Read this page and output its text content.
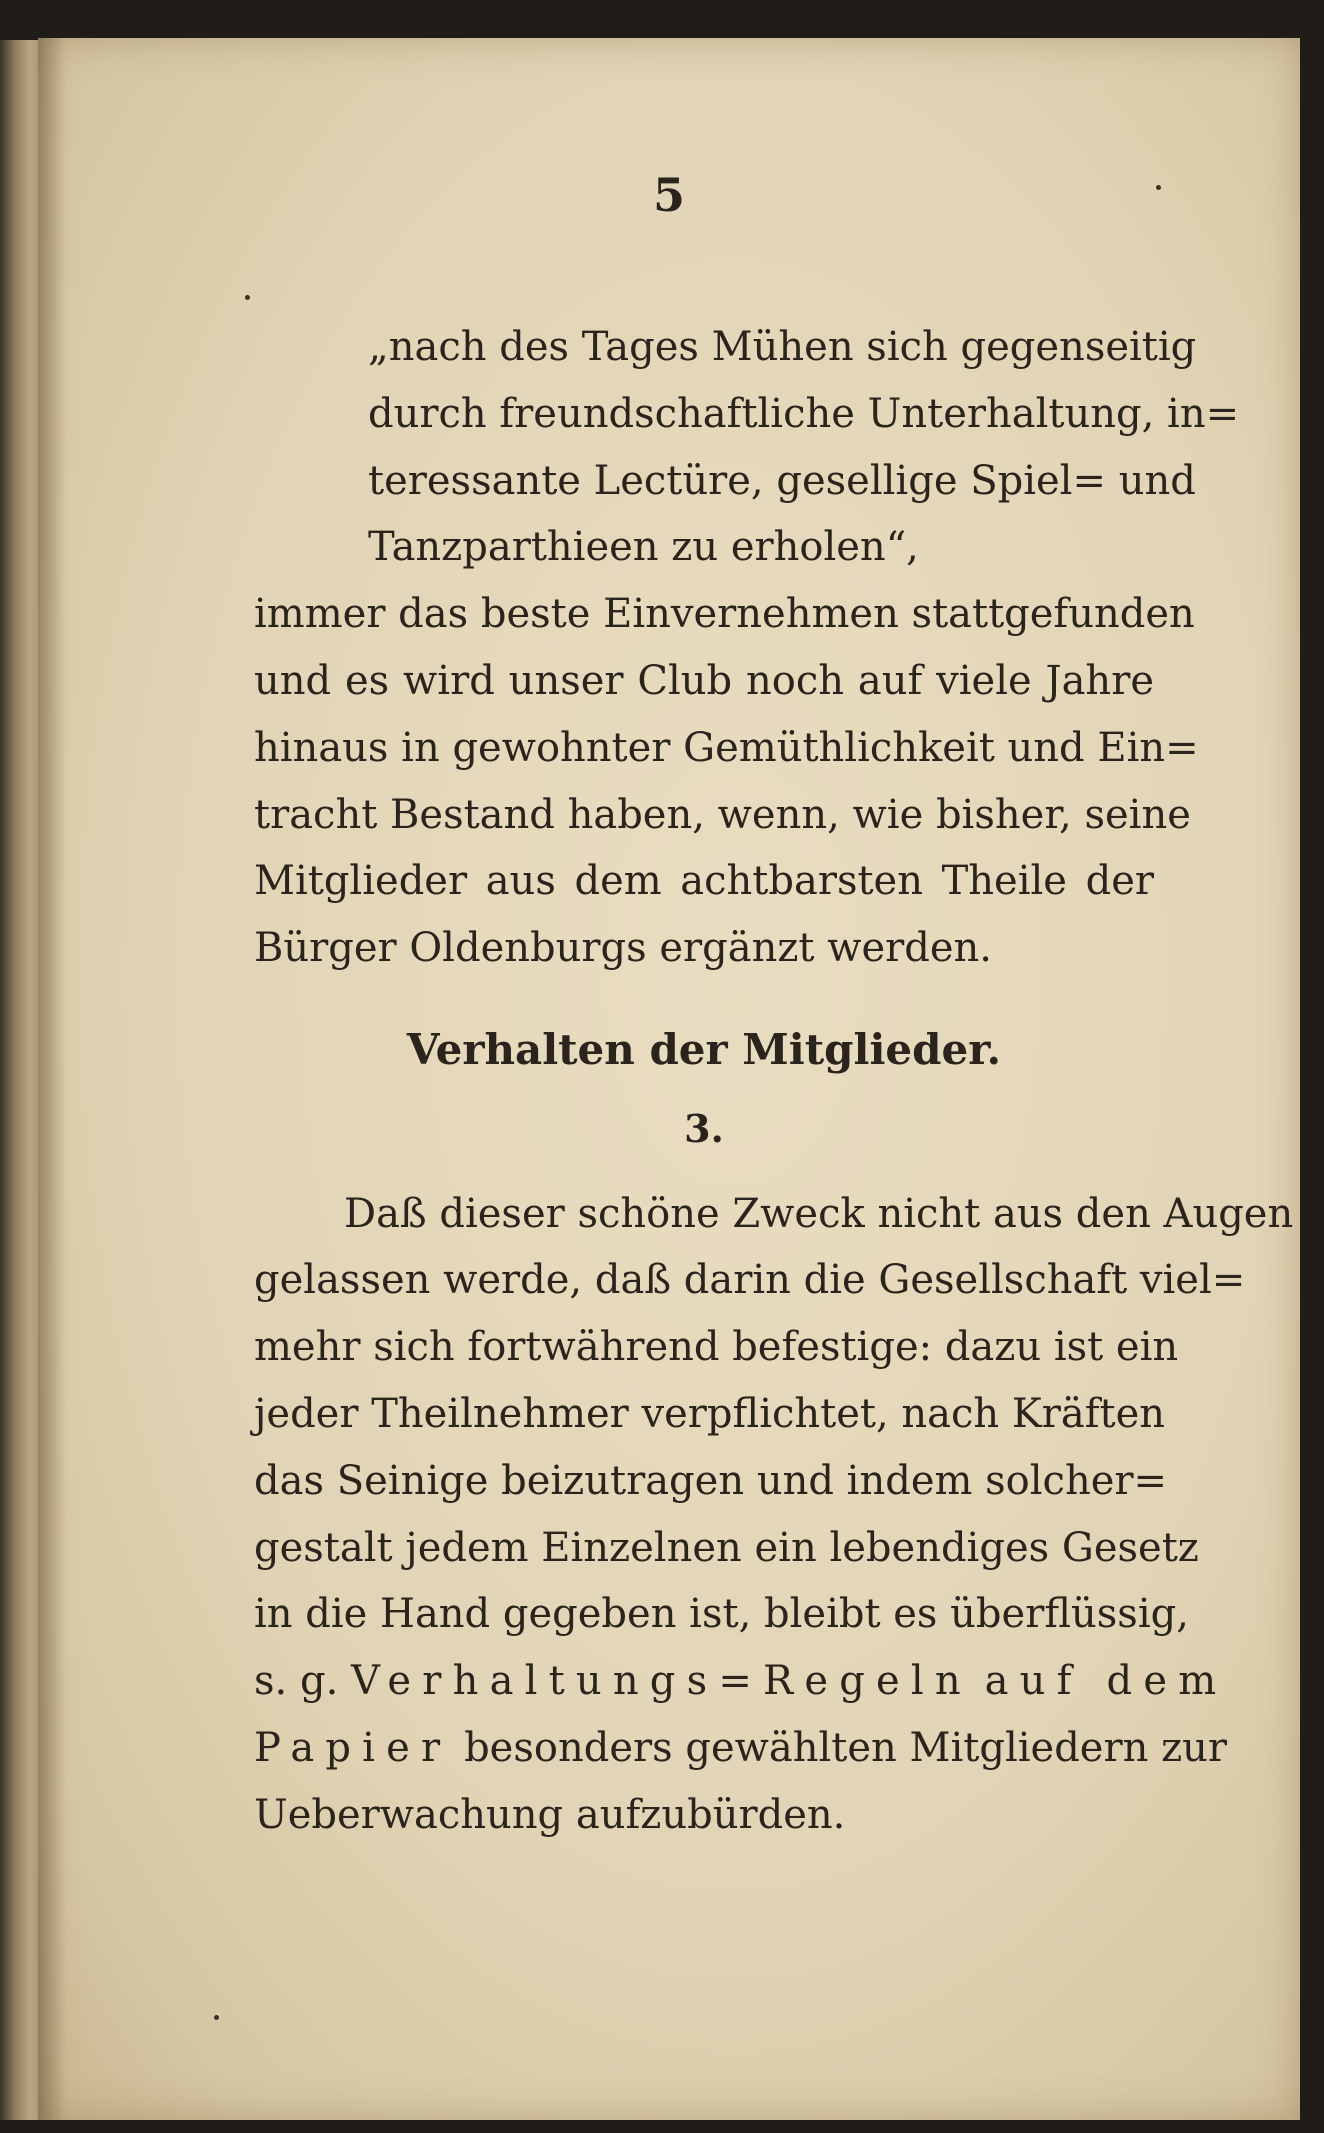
5
„nach des Tages Mühen sich gegenseitig
durch freundschaftliche Unterhaltung, in=
teressante Lectüre, gesellige Spiel= und
Tanzparthieen zu erholen“,
immer das beste Einvernehmen stattgefunden
und es wird unser Club noch auf viele Jahre
hinaus in gewohnter Gemüthlichkeit und Ein=
tracht Bestand haben, wenn, wie bisher, seine
Mitglieder aus dem achtbarsten Theile der
Bürger Oldenburgs ergänzt werden.
Verhalten der Mitglieder.
3.
Daß dieser schöne Zweck nicht aus den Augen
gelassen werde, daß darin die Gesellschaft viel=
mehr sich fortwährend befestige: dazu ist ein
jeder Theilnehmer verpflichtet, nach Kräften
das Seinige beizutragen und indem solcher=
gestalt jedem Einzelnen ein lebendiges Gesetz
in die Hand gegeben ist, bleibt es überflüssig,
s. g. Verhaltungs=Regeln auf dem
Papier besonders gewählten Mitgliedern zur
Ueberwachung aufzubürden.
